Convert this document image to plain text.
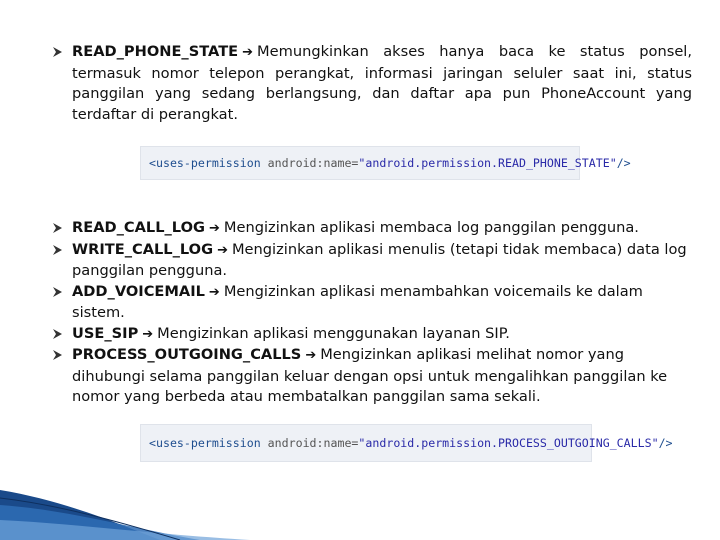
READ_PHONE_STATE ➔ Memungkinkan akses hanya baca ke status ponsel, termasuk nomor telepon perangkat, informasi jaringan seluler saat ini, status panggilan yang sedang berlangsung, dan daftar apa pun PhoneAccount yang terdaftar di perangkat.
<uses-permission android:name="android.permission.READ_PHONE_STATE"/>
READ_CALL_LOG ➔ Mengizinkan aplikasi membaca log panggilan pengguna.
WRITE_CALL_LOG ➔ Mengizinkan aplikasi menulis (tetapi tidak membaca) data log panggilan pengguna.
ADD_VOICEMAIL ➔ Mengizinkan aplikasi menambahkan voicemails ke dalam sistem.
USE_SIP ➔ Mengizinkan aplikasi menggunakan layanan SIP.
PROCESS_OUTGOING_CALLS ➔ Mengizinkan aplikasi melihat nomor yang dihubungi selama panggilan keluar dengan opsi untuk mengalihkan panggilan ke nomor yang berbeda atau membatalkan panggilan sama sekali.
<uses-permission android:name="android.permission.PROCESS_OUTGOING_CALLS"/>
